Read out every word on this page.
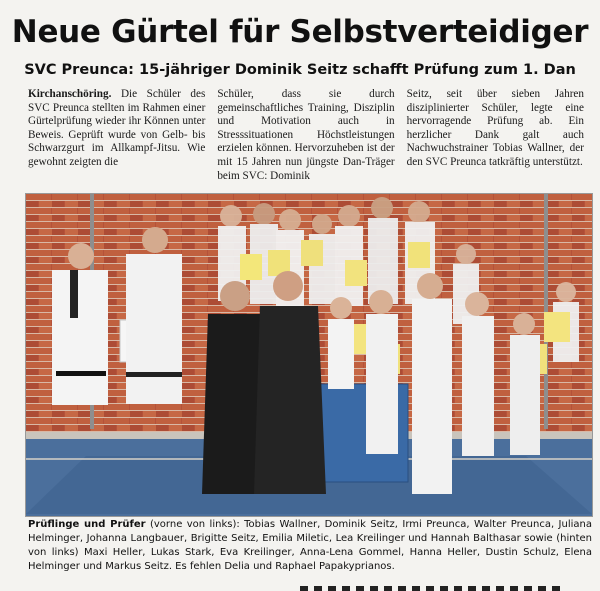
Neue Gürtel für Selbstverteidiger
SVC Preunca: 15-jähriger Dominik Seitz schafft Prüfung zum 1. Dan
Kirchanschöring. Die Schüler des SVC Preunca stellten im Rahmen einer Gürtelprüfung wieder ihr Können unter Beweis. Geprüft wurde von Gelb- bis Schwarzgurt im Allkampf-Jitsu. Wie gewohnt zeigten die
Schüler, dass sie durch gemeinschaftliches Training, Disziplin und Motivation auch in Stresssituationen Höchstleistungen erzielen können. Hervorzuheben ist der mit 15 Jahren nun jüngste Dan-Träger beim SVC: Dominik
Seitz, seit über sieben Jahren disziplinierter Schüler, legte eine hervorragende Prüfung ab. Ein herzlicher Dank galt auch Nachwuchstrainer Tobias Wallner, der den SVC Preunca tatkräftig unterstützt.
Prüflinge und Prüfer (vorne von links): Tobias Wallner, Dominik Seitz, Irmi Preunca, Walter Preunca, Juliana Helminger, Johanna Langbauer, Brigitte Seitz, Emilia Miletic, Lea Kreilinger und Hannah Balthasar sowie (hinten von links) Maxi Heller, Lukas Stark, Eva Kreilinger, Anna-Lena Gommel, Hanna Heller, Dustin Schulz, Elena Helminger und Markus Seitz. Es fehlen Delia und Raphael Papakyprianos.
